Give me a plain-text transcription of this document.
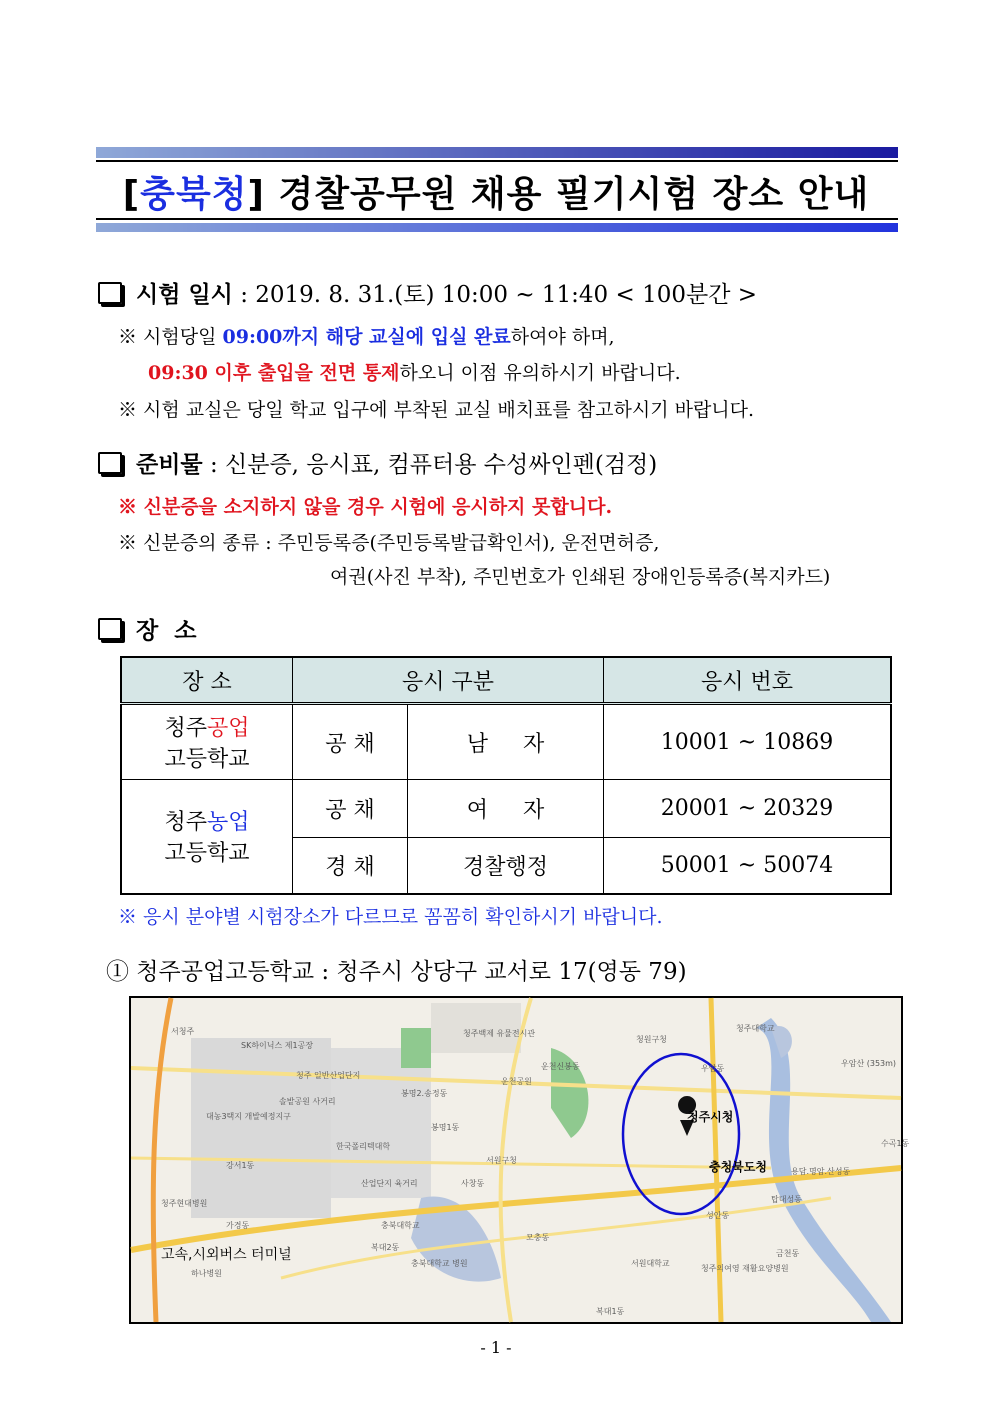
[충북청] 경찰공무원 채용 필기시험 장소 안내
시험 일시 : 2019. 8. 31.(토) 10:00 ~ 11:40 < 100분간 >
※ 시험당일 09:00까지 해당 교실에 입실 완료하여야 하며,
09:30 이후 출입을 전면 통제하오니 이점 유의하시기 바랍니다.
※ 시험 교실은 당일 학교 입구에 부착된 교실 배치표를 참고하시기 바랍니다.
준비물 : 신분증, 응시표, 컴퓨터용 수성싸인펜(검정)
※ 신분증을 소지하지 않을 경우 시험에 응시하지 못합니다.
※ 신분증의 종류 : 주민등록증(주민등록발급확인서), 운전면허증,
여권(사진 부착), 주민번호가 인쇄된 장애인등록증(복지카드)
장  소
장 소	응시 구분		응시 번호
청주공업
고등학교	공 채	남     자	10001 ~ 10869
청주농업
고등학교	공 채	여     자	20001 ~ 20329
	경 채	경찰행정	50001 ~ 50074
※ 응시 분야별 시험장소가 다르므로 꼼꼼히 확인하시기 바랍니다.
① 청주공업고등학교 : 청주시 상당구 교서로 17(영동 79)
서청주
SK하이닉스 제1공장
청주 일반산업단지
솔밭공원 사거리
대농3택지 개발예정지구
한국폴리텍대학
청주백제 유물전시관
운천공원
운천신봉동
봉명2.송정동
봉명1동
서원구청
청원구청
청주대학교
우암동
우암산 (353m)
사창동
산업단지 육거리
충북대학교
청주현대병원
가경동
복대2동
충북대학교 병원	서원대학교
청주의여영 재활요양병원
하나병원
탑대성동
성안동
모충동
금천동
용담.명암.산성동
수곡1동
복대1동
강서1동
청주시청
충청북도청
고속,시외버스 터미널
- 1 -
